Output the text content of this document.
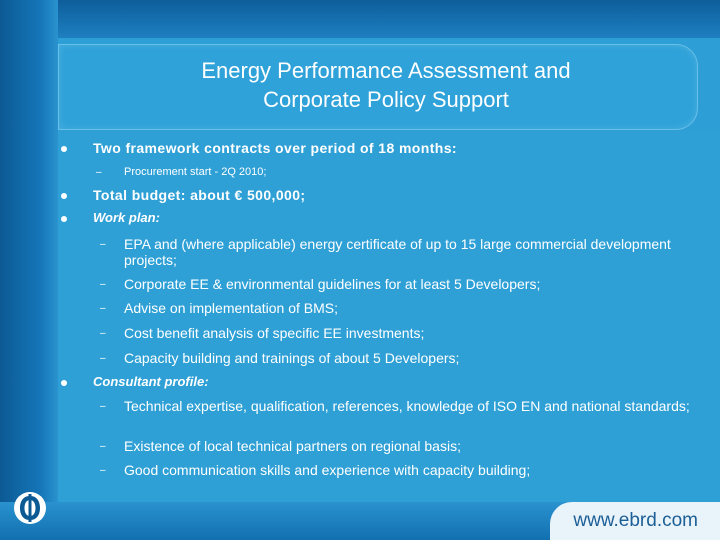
Energy Performance Assessment and
Corporate Policy Support
Two framework contracts over period of 18 months:
– Procurement start - 2Q 2010;
Total budget: about € 500,000;
Work plan:
– EPA and (where applicable) energy certificate of up to 15 large commercial development projects;
– Corporate EE & environmental guidelines for at least 5 Developers;
– Advise on implementation of BMS;
– Cost benefit analysis of specific EE investments;
– Capacity building and trainings of about 5 Developers;
Consultant profile:
– Technical expertise, qualification, references, knowledge of ISO EN and national standards;
– Existence of local technical partners on regional basis;
– Good communication skills and experience with capacity building;
www.ebrd.com
